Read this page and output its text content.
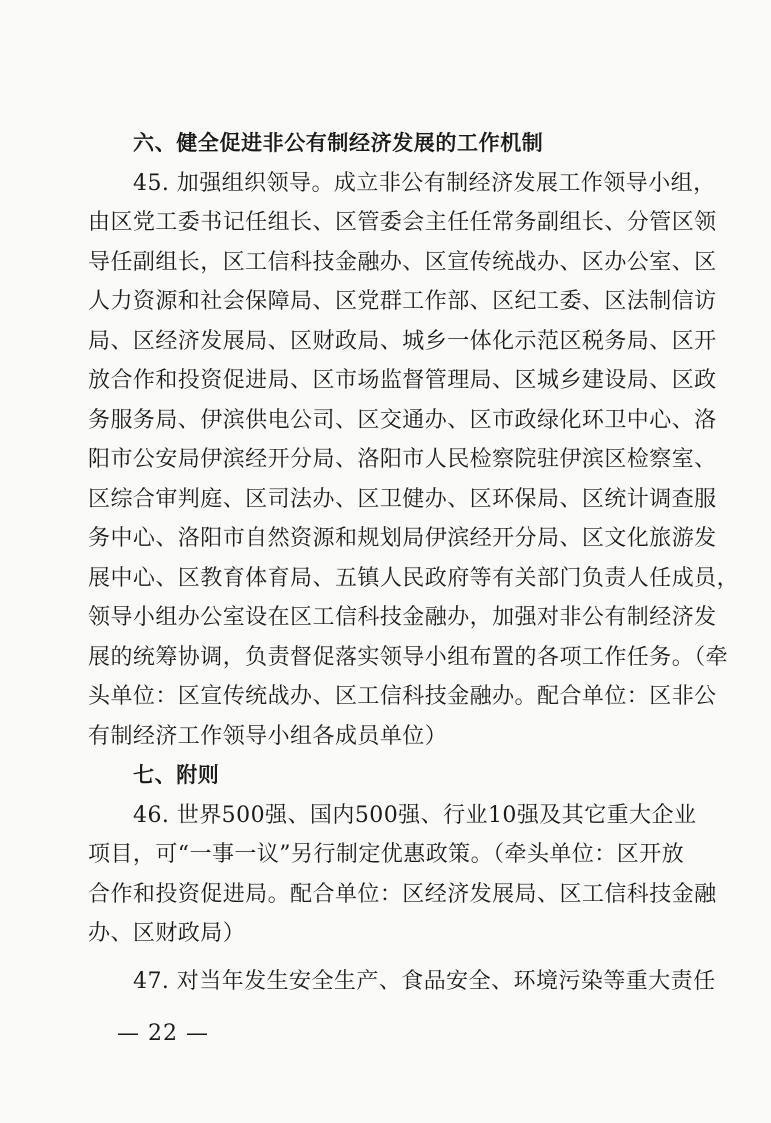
六、健全促进非公有制经济发展的工作机制
45. 加强组织领导。成立非公有制经济发展工作领导小组，
由区党工委书记任组长、区管委会主任任常务副组长、分管区领
导任副组长，区工信科技金融办、区宣传统战办、区办公室、区
人力资源和社会保障局、区党群工作部、区纪工委、区法制信访
局、区经济发展局、区财政局、城乡一体化示范区税务局、区开
放合作和投资促进局、区市场监督管理局、区城乡建设局、区政
务服务局、伊滨供电公司、区交通办、区市政绿化环卫中心、洛
阳市公安局伊滨经开分局、洛阳市人民检察院驻伊滨区检察室、
区综合审判庭、区司法办、区卫健办、区环保局、区统计调查服
务中心、洛阳市自然资源和规划局伊滨经开分局、区文化旅游发
展中心、区教育体育局、五镇人民政府等有关部门负责人任成员，
领导小组办公室设在区工信科技金融办，加强对非公有制经济发
展的统筹协调，负责督促落实领导小组布置的各项工作任务。（牵
头单位：区宣传统战办、区工信科技金融办。配合单位：区非公
有制经济工作领导小组各成员单位）
七、附则
46. 世界500强、国内500强、行业10强及其它重大企业
项目，可“一事一议”另行制定优惠政策。（牵头单位：区开放
合作和投资促进局。配合单位：区经济发展局、区工信科技金融
办、区财政局）
47. 对当年发生安全生产、食品安全、环境污染等重大责任
— 22 —
